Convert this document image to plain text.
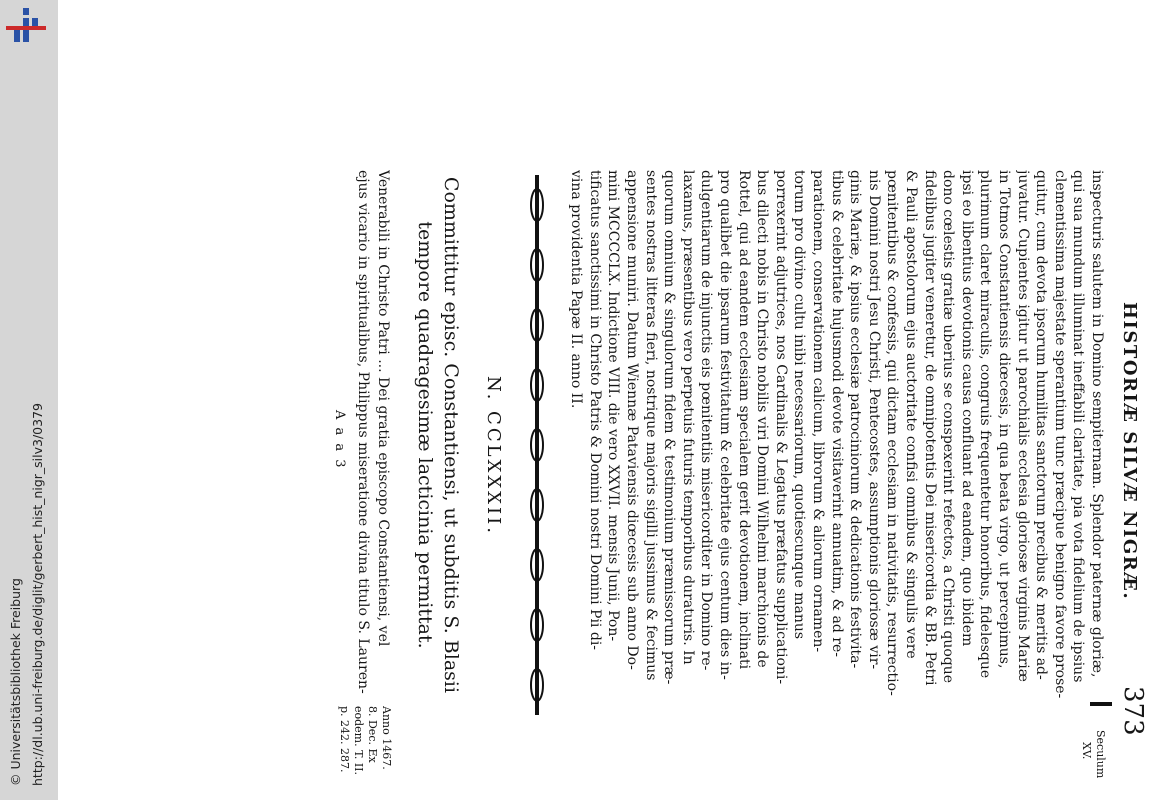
http://dl.ub.uni-freiburg.de/diglit/gerbert_hist_nigr_silv3/0379
© Universitätsbibliothek Freiburg
HISTORIÆ SILVÆ NIGRÆ.
373
Seculum
XV.
inspecturis salutem in Domino sempiternam. Splendor paternæ gloriæ,
qui sua mundum illuminat ineffabili claritate, pia vota fidelium de ipsius
clementissima majestate sperantium tunc præcipue benigno favore prose-
quitur, cum devota ipsorum humilitas sanctorum precibus & meritis ad-
juvatur. Cupientes igitur ut parochialis ecclesia gloriosæ virginis Mariæ
in Totmos Constantiensis diœcesis, in qua beata virgo, ut percepimus,
plurimum claret miraculis, congruis frequentetur honoribus, fidelesque
ipsi eo libentius devotionis causa confluant ad eandem, quo ibidem
dono cœlestis gratiæ uberius se conspexerint refectos, a Christi quoque
fidelibus jugiter veneretur, de omnipotentis Dei misericordia & BB. Petri
& Pauli apostolorum ejus auctoritate confisi omnibus & singulis vere
pœnitentibus & confessis, qui dictam ecclesiam in nativitatis, resurrectio-
nis Domini nostri Jesu Christi, Pentecostes, assumptionis gloriosæ vir-
ginis Mariæ, & ipsius ecclesiæ patrociniorum & dedicationis festivita-
tibus & celebritate hujusmodi devote visitaverint annuatim, & ad re-
parationem, conservationem calicum, librorum & aliorum ornamen-
torum pro divino cultu inibi necessariorum, quotiescunque manus
porrexerint adjutrices, nos Cardinalis & Legatus præfatus supplicationi-
bus dilecti nobis in Christo nobilis viri Domini Wilhelmi marchionis de
Rottel, qui ad eandem ecclesiam specialem gerit devotionem, inclinati
pro qualibet die ipsarum festivitatum & celebritate ejus centum dies in-
dulgentiarum de injunctis eis pœnitentiis misericorditer in Domino re-
laxamus, præsentibus vero perpetuis futuris temporibus duraturis. In
quorum omnium & singulorum fidem & testimonium præmissorum præ-
sentes nostras litteras fieri, nostrique majoris sigilli jussimus & fecimus
appensione muniri. Datum Wiennæ Pataviensis diœcesis sub anno Do-
mini MCCCCLX. Indictione VIII. die vero XXVII. mensis Junii, Pon-
tificatus sanctissimi in Christo Patris & Domini nostri Domini Pii di-
vina providentia Papæ II. anno II.
N. CCLXXXII.
Committitur episc. Constantiensi, ut subditis S. Blasii
tempore quadragesimæ lacticinia permittat.
Venerabili in Christo Patri ... Dei gratia episcopo Constantiensi, vel
ejus vicario in spiritualibus, Philippus miseratione divina titulo S. Lauren-
Anno 1467.
8. Dec. Ex
eodem. T. II.
p. 242. 287.
A a a 3
